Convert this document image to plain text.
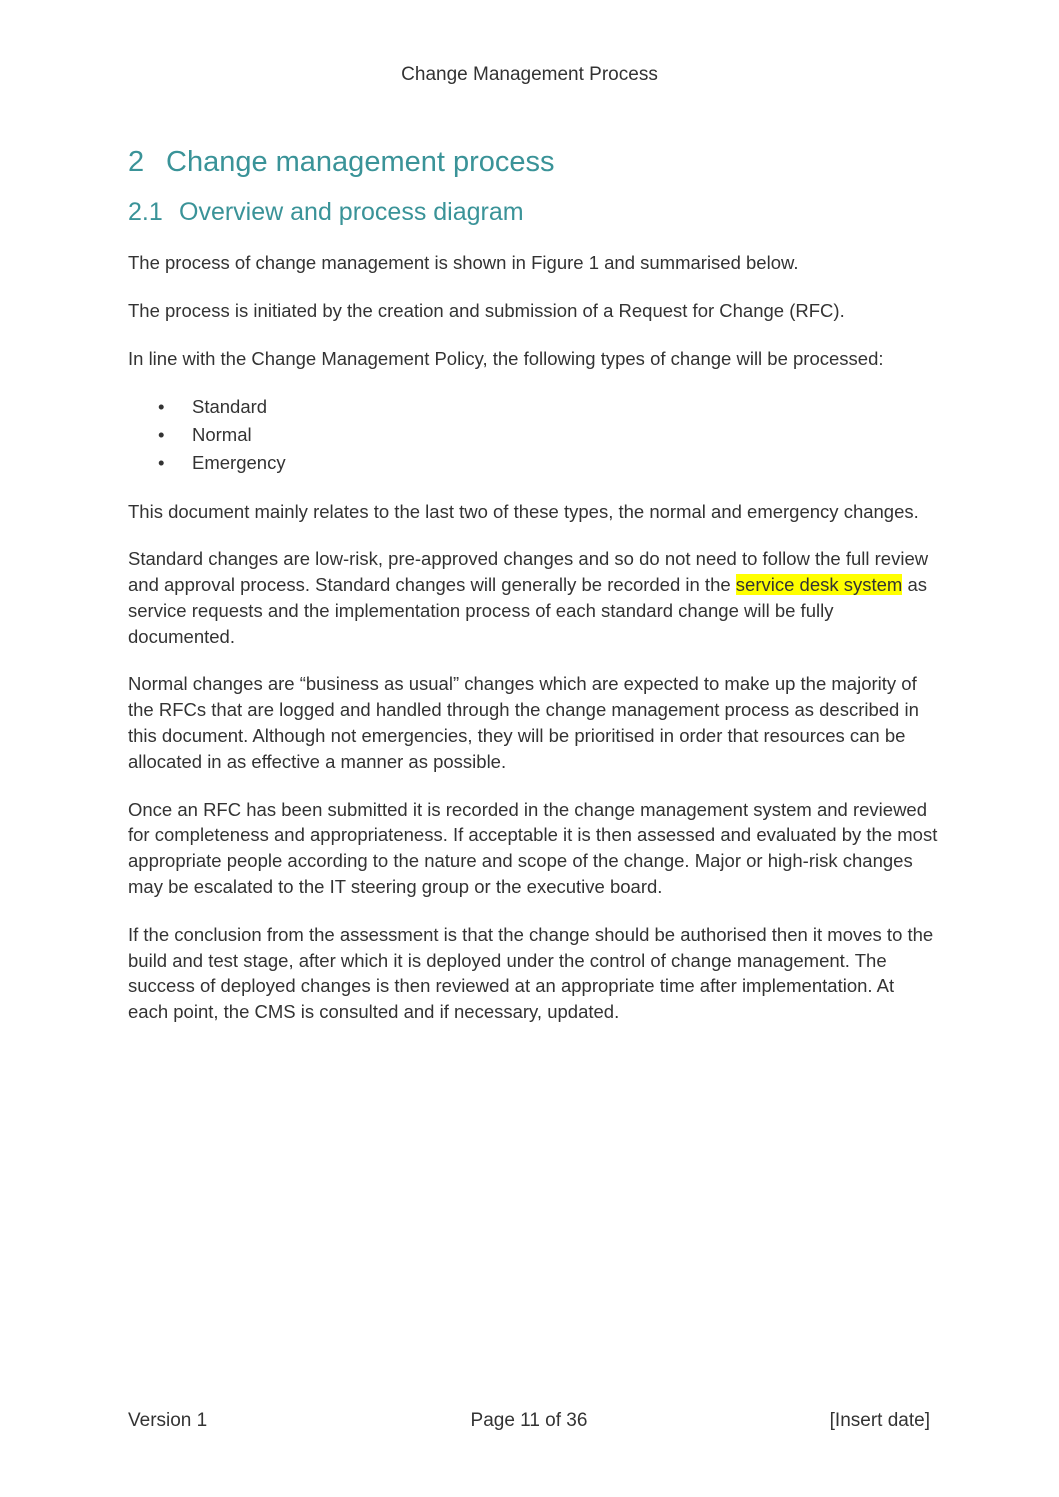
Change Management Process
2 Change management process
2.1 Overview and process diagram

The process of change management is shown in Figure 1 and summarised below.

The process is initiated by the creation and submission of a Request for Change (RFC).

In line with the Change Management Policy, the following types of change will be processed:

• Standard
• Normal
• Emergency

This document mainly relates to the last two of these types, the normal and emergency changes.

Standard changes are low-risk, pre-approved changes and so do not need to follow the full review and approval process. Standard changes will generally be recorded in the service desk system as service requests and the implementation process of each standard change will be fully documented.

Normal changes are “business as usual” changes which are expected to make up the majority of the RFCs that are logged and handled through the change management process as described in this document. Although not emergencies, they will be prioritised in order that resources can be allocated in as effective a manner as possible.

Once an RFC has been submitted it is recorded in the change management system and reviewed for completeness and appropriateness. If acceptable it is then assessed and evaluated by the most appropriate people according to the nature and scope of the change. Major or high-risk changes may be escalated to the IT steering group or the executive board.

If the conclusion from the assessment is that the change should be authorised then it moves to the build and test stage, after which it is deployed under the control of change management. The success of deployed changes is then reviewed at an appropriate time after implementation. At each point, the CMS is consulted and if necessary, updated.

Version 1	Page 11 of 36	[Insert date]
